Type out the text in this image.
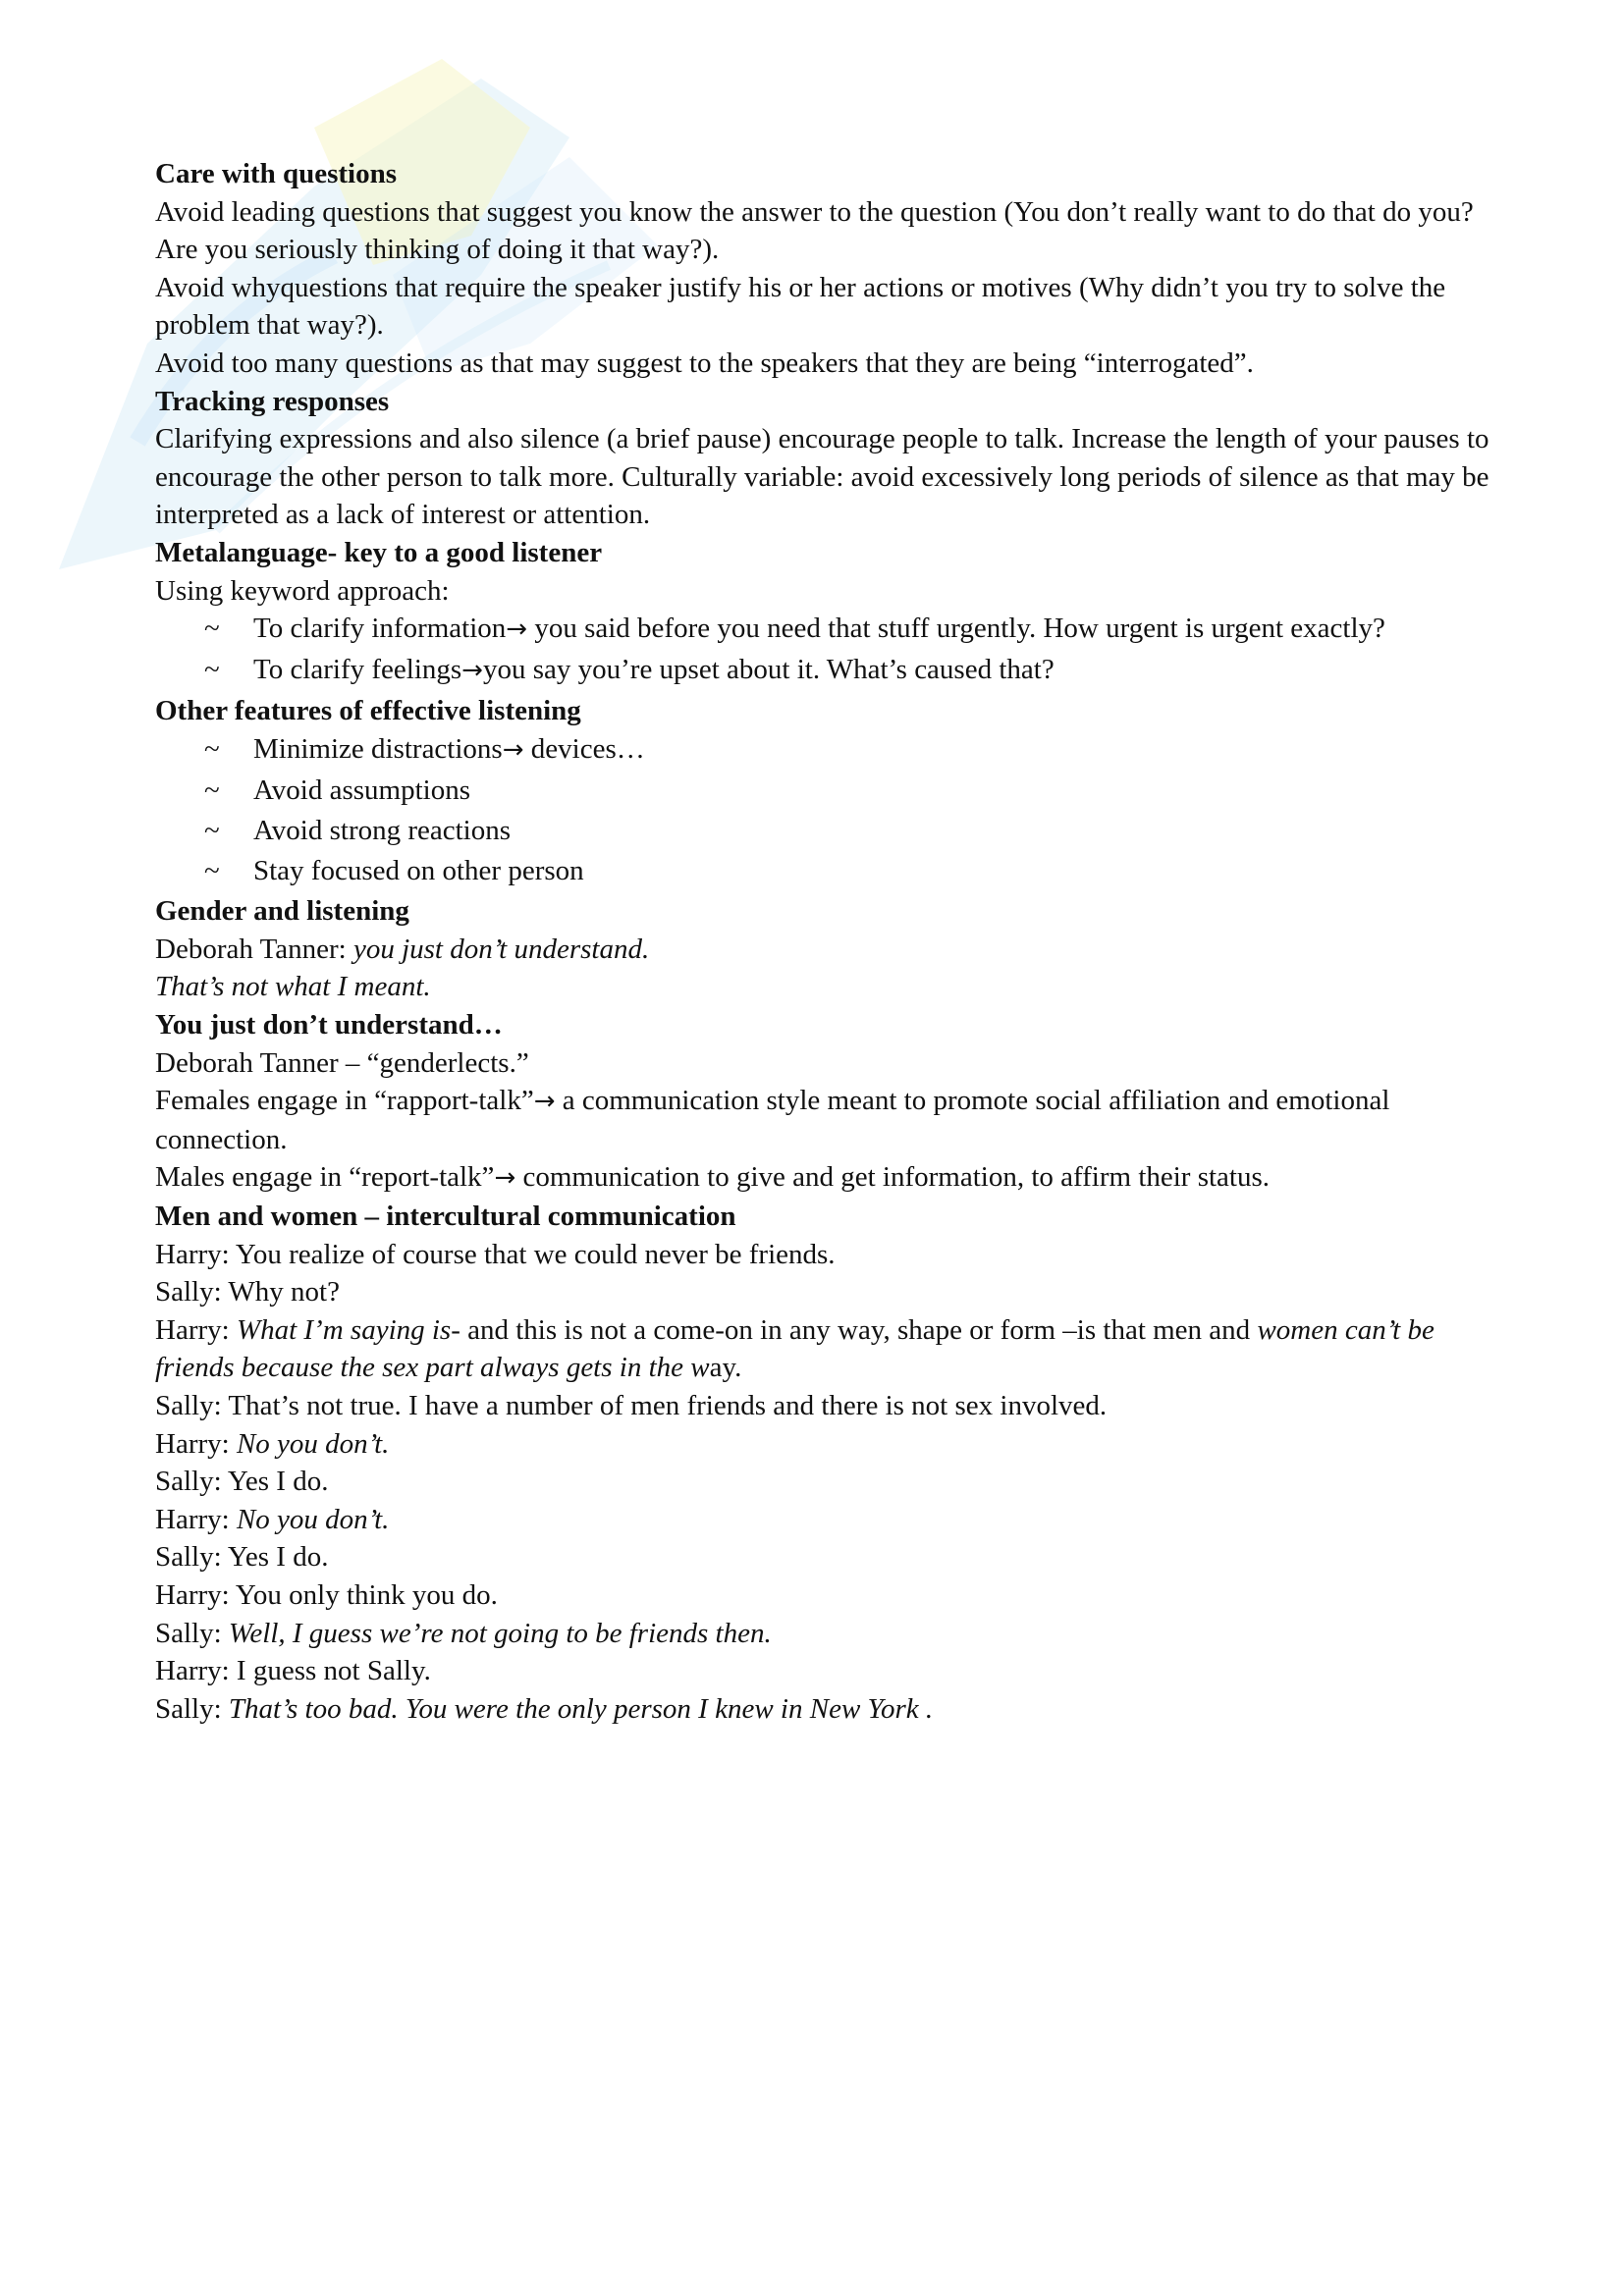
Care with questions

Avoid leading questions that suggest you know the answer to the question (You don’t really want to do that do you? Are you seriously thinking of doing it that way?).

Avoid whyquestions that require the speaker justify his or her actions or motives (Why didn’t you try to solve the problem that way?).

Avoid too many questions as that may suggest to the speakers that they are being “interrogated”.

Tracking responses

Clarifying expressions and also silence (a brief pause) encourage people to talk. Increase the length of your pauses to encourage the other person to talk more. Culturally variable: avoid excessively long periods of silence as that may be interpreted as a lack of interest or attention.

Metalanguage- key to a good listener

Using keyword approach:

~ To clarify information→ you said before you need that stuff urgently. How urgent is urgent exactly?
~ To clarify feelings→you say you’re upset about it. What’s caused that?

Other features of effective listening

~ Minimize distractions→ devices…
~ Avoid assumptions
~ Avoid strong reactions
~ Stay focused on other person

Gender and listening

Deborah Tanner: you just don’t understand.

That’s not what I meant.

You just don’t understand…

Deborah Tanner – “genderlects.”

Females engage in “rapport-talk”→ a communication style meant to promote social affiliation and emotional connection.

Males engage in “report-talk”→ communication to give and get information, to affirm their status.

Men and women – intercultural communication

Harry: You realize of course that we could never be friends.

Sally: Why not?

Harry: What I’m saying is- and this is not a come-on in any way, shape or form –is that men and women can’t be friends because the sex part always gets in the way.

Sally: That’s not true. I have a number of men friends and there is not sex involved.

Harry: No you don’t.

Sally: Yes I do.

Harry: No you don’t.

Sally: Yes I do.

Harry: You only think you do.

Sally: Well, I guess we’re not going to be friends then.

Harry: I guess not Sally.

Sally: That’s too bad. You were the only person I knew in New York .
